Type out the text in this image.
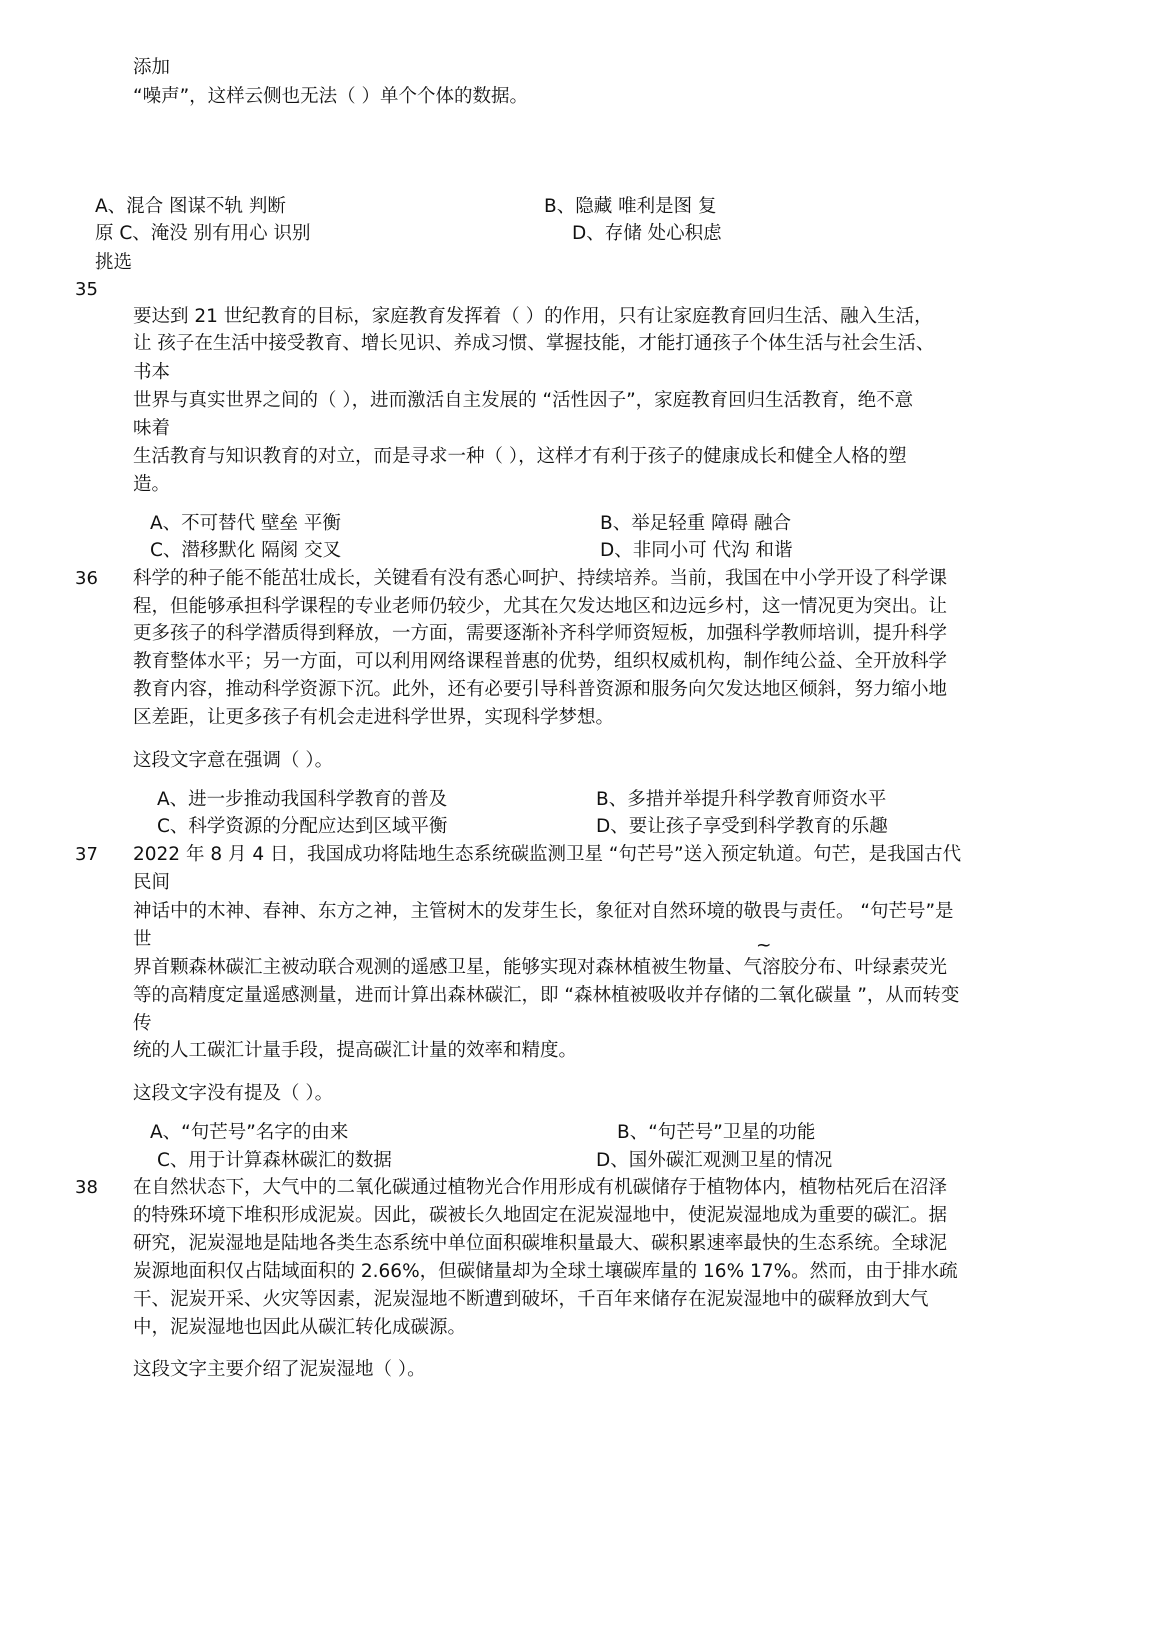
添加
“噪声”，这样云侧也无法（ ）单个个体的数据。
A、混合 图谋不轨 判断	B、隐藏 唯利是图 复
原 C、淹没 别有用心 识别	D、存储 处心积虑
挑选
35
要达到 21 世纪教育的目标，家庭教育发挥着（ ）的作用，只有让家庭教育回归生活、融入生活，
让 孩子在生活中接受教育、增长见识、养成习惯、掌握技能，才能打通孩子个体生活与社会生活、
书本
世界与真实世界之间的（ ），进而激活自主发展的 “活性因子”，家庭教育回归生活教育，绝不意
味着
生活教育与知识教育的对立，而是寻求一种（ ），这样才有利于孩子的健康成长和健全人格的塑
造。
A、不可替代 壁垒 平衡	B、举足轻重 障碍 融合
C、潜移默化 隔阂 交叉	D、非同小可 代沟 和谐
36 科学的种子能不能茁壮成长，关键看有没有悉心呵护、持续培养。当前，我国在中小学开设了科学课
程，但能够承担科学课程的专业老师仍较少，尤其在欠发达地区和边远乡村，这一情况更为突出。让
更多孩子的科学潜质得到释放，一方面，需要逐渐补齐科学师资短板，加强科学教师培训，提升科学
教育整体水平；另一方面，可以利用网络课程普惠的优势，组织权威机构，制作纯公益、全开放科学
教育内容，推动科学资源下沉。此外，还有必要引导科普资源和服务向欠发达地区倾斜，努力缩小地
区差距，让更多孩子有机会走进科学世界，实现科学梦想。
这段文字意在强调（ ）。
A、进一步推动我国科学教育的普及	B、多措并举提升科学教育师资水平
C、科学资源的分配应达到区域平衡	D、要让孩子享受到科学教育的乐趣
37 2022 年 8 月 4 日，我国成功将陆地生态系统碳监测卫星 “句芒号”送入预定轨道。句芒，是我国古代
民间
神话中的木神、春神、东方之神，主管树木的发芽生长，象征对自然环境的敬畏与责任。 “句芒号”是
世	~
界首颗森林碳汇主被动联合观测的遥感卫星，能够实现对森林植被生物量、气溶胶分布、叶绿素荧光
等的高精度定量遥感测量，进而计算出森林碳汇，即 “森林植被吸收并存储的二氧化碳量 ”，从而转变
传
统的人工碳汇计量手段，提高碳汇计量的效率和精度。
这段文字没有提及（ ）。
A、“句芒号”名字的由来	B、“句芒号”卫星的功能
C、用于计算森林碳汇的数据	D、国外碳汇观测卫星的情况
38 在自然状态下，大气中的二氧化碳通过植物光合作用形成有机碳储存于植物体内，植物枯死后在沼泽
的特殊环境下堆积形成泥炭。因此，碳被长久地固定在泥炭湿地中，使泥炭湿地成为重要的碳汇。据
研究，泥炭湿地是陆地各类生态系统中单位面积碳堆积量最大、碳积累速率最快的生态系统。全球泥
炭源地面积仅占陆域面积的 2.66%，但碳储量却为全球土壤碳库量的 16% 17%。然而，由于排水疏
干、泥炭开采、火灾等因素，泥炭湿地不断遭到破坏，千百年来储存在泥炭湿地中的碳释放到大气
中，泥炭湿地也因此从碳汇转化成碳源。
这段文字主要介绍了泥炭湿地（ ）。
